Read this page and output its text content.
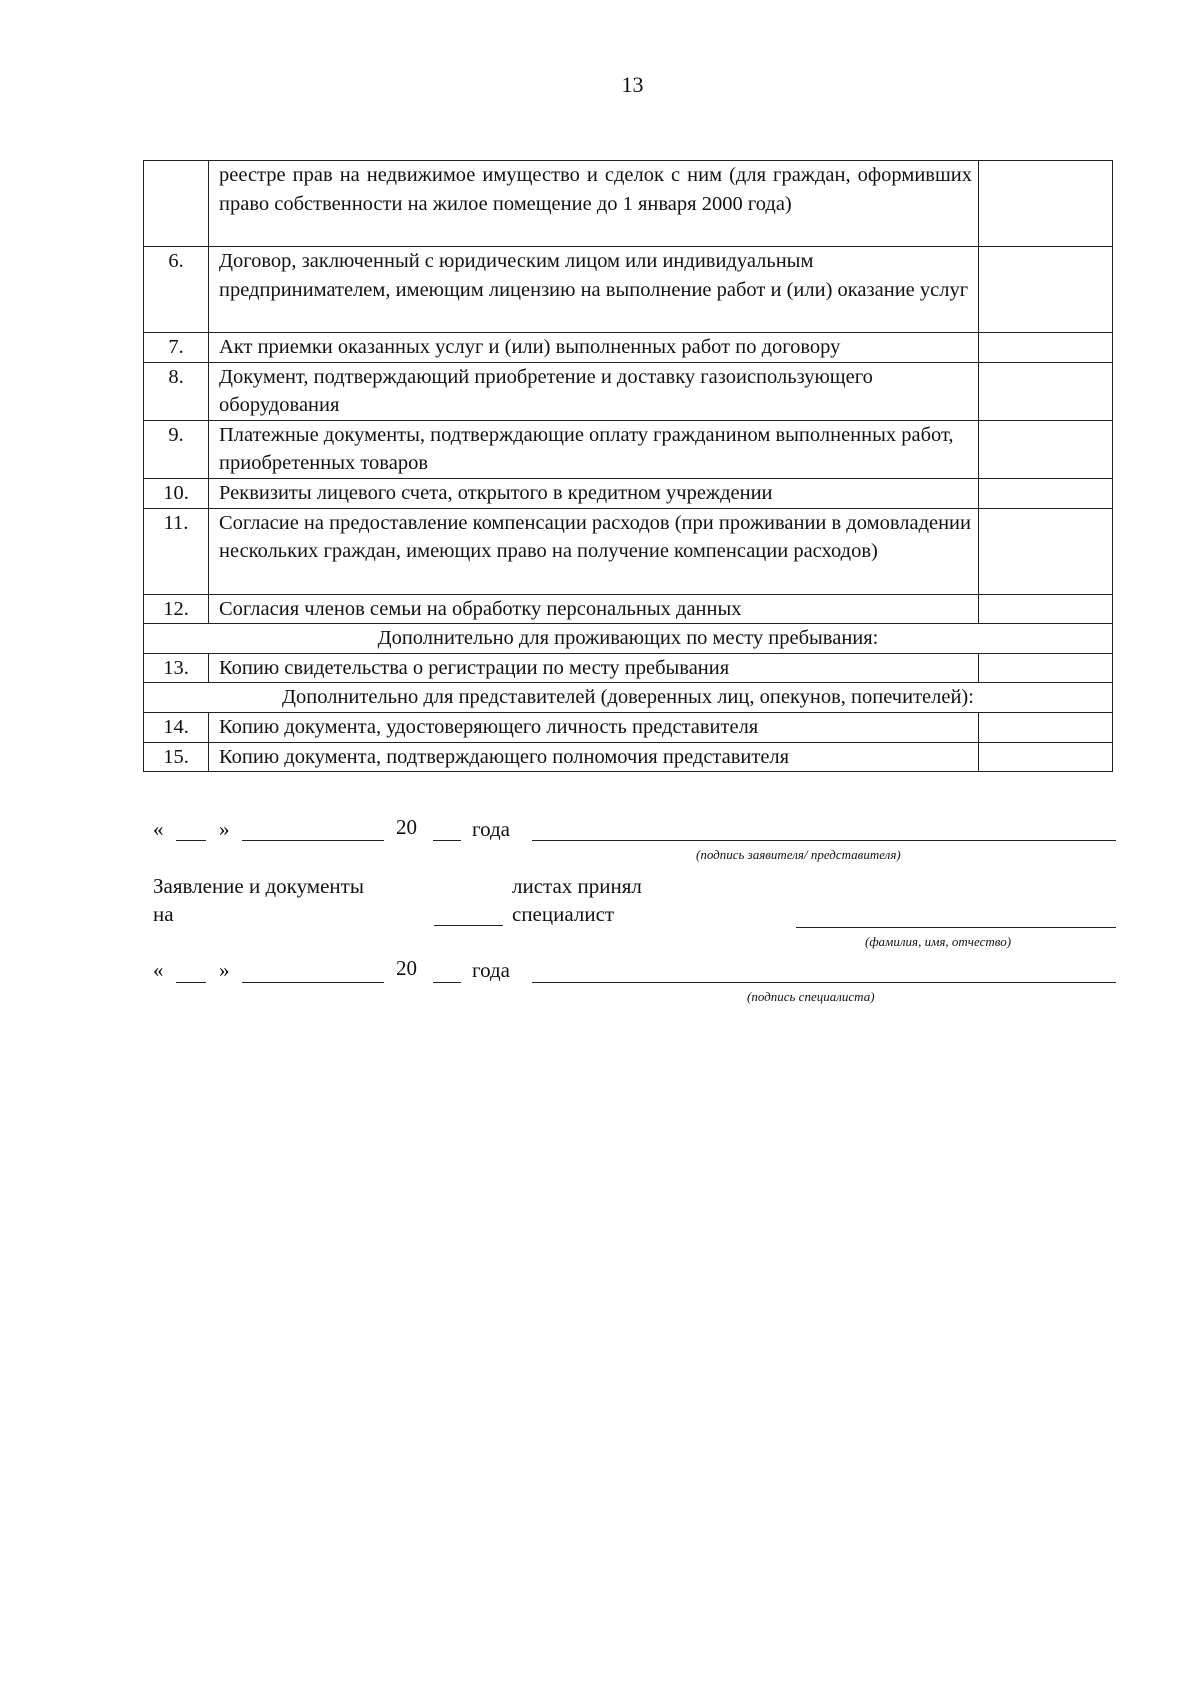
13
	реестре прав на недвижимое имущество и сделок с ним (для граждан, оформивших право собственности на жилое помещение до 1 января 2000 года)	
6.	Договор, заключенный с юридическим лицом или индивидуальным предпринимателем, имеющим лицензию на выполнение работ и (или) оказание услуг	
7.	Акт приемки оказанных услуг и (или) выполненных работ по договору	
8.	Документ, подтверждающий приобретение и доставку газоиспользующего оборудования	
9.	Платежные документы, подтверждающие оплату гражданином выполненных работ, приобретенных товаров	
10.	Реквизиты лицевого счета, открытого в кредитном учреждении	
11.	Согласие на предоставление компенсации расходов (при проживании в домовладении нескольких граждан, имеющих право на получение компенсации расходов)	
12.	Согласия членов семьи на обработку персональных данных	
Дополнительно для проживающих по месту пребывания:		
13.	Копию свидетельства о регистрации по месту пребывания	
Дополнительно для представителей (доверенных лиц, опекунов, попечителей):		
14.	Копию документа, удостоверяющего личность представителя	
15.	Копию документа, подтверждающего полномочия представителя	
«	»	20	года
(подпись заявителя/ представителя)
Заявление и документы
на
листах принял
специалист
(фамилия, имя, отчество)
«	»	20	года
(подпись специалиста)
